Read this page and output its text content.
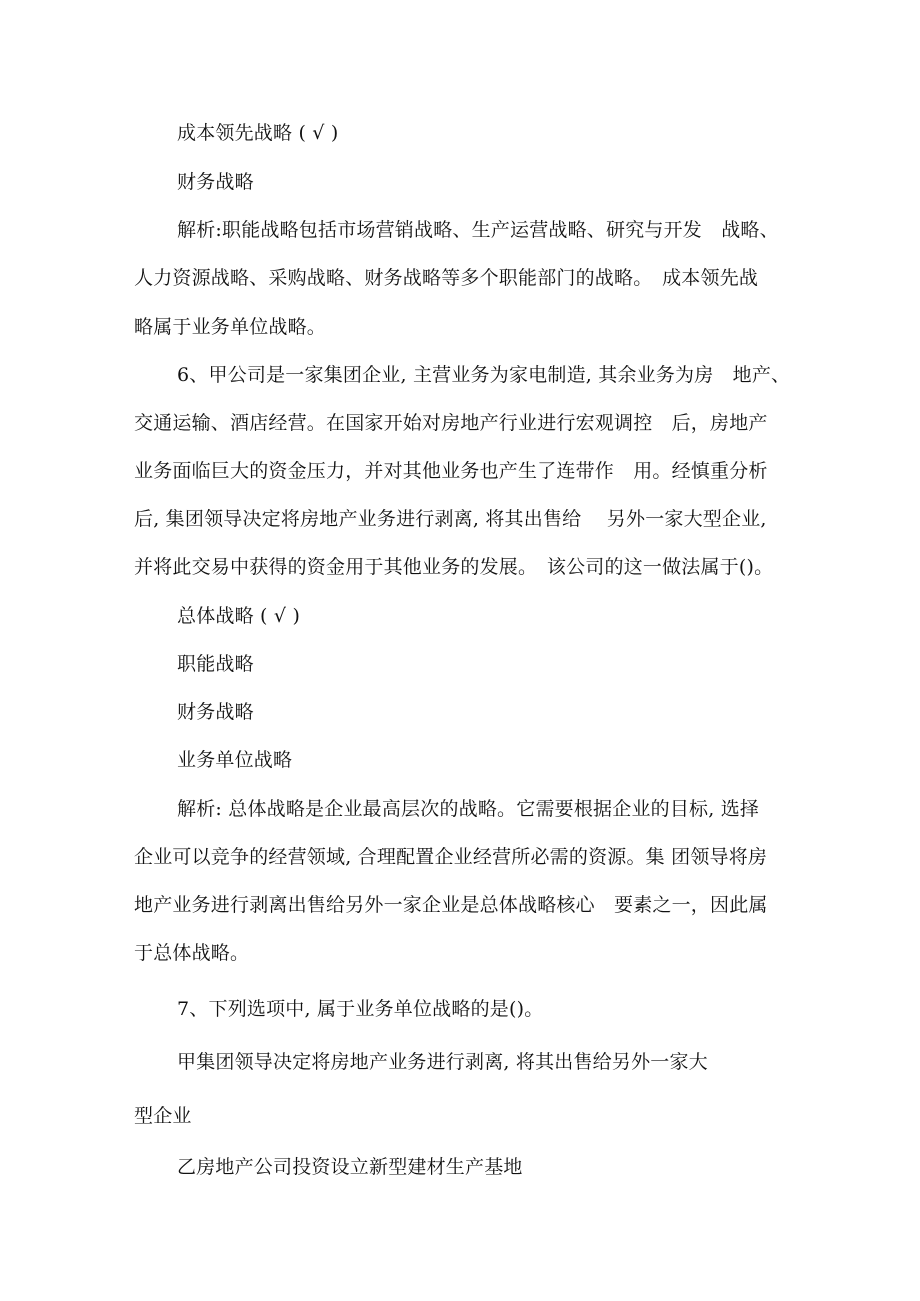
成本领先战略 ( √ )
财务战略
解析:职能战略包括市场营销战略、生产运营战略、研究与开发　战略、
人力资源战略、采购战略、财务战略等多个职能部门的战略。　成本领先战
略属于业务单位战略。
6、甲公司是一家集团企业, 主营业务为家电制造, 其余业务为房　地产、
交通运输、酒店经营。在国家开始对房地产行业进行宏观调控　后，房地产
业务面临巨大的资金压力，并对其他业务也产生了连带作　用。经慎重分析
后, 集团领导决定将房地产业务进行剥离, 将其出售给　 另外一家大型企业,
并将此交易中获得的资金用于其他业务的发展。　该公司的这一做法属于()。
总体战略 ( √ )
职能战略
财务战略
业务单位战略
解析: 总体战略是企业最高层次的战略。它需要根据企业的目标, 选择
企业可以竞争的经营领域, 合理配置企业经营所必需的资源。集 团领导将房
地产业务进行剥离出售给另外一家企业是总体战略核心　要素之一，因此属
于总体战略。
7、下列选项中, 属于业务单位战略的是()。
甲集团领导决定将房地产业务进行剥离, 将其出售给另外一家大
型企业
乙房地产公司投资设立新型建材生产基地
